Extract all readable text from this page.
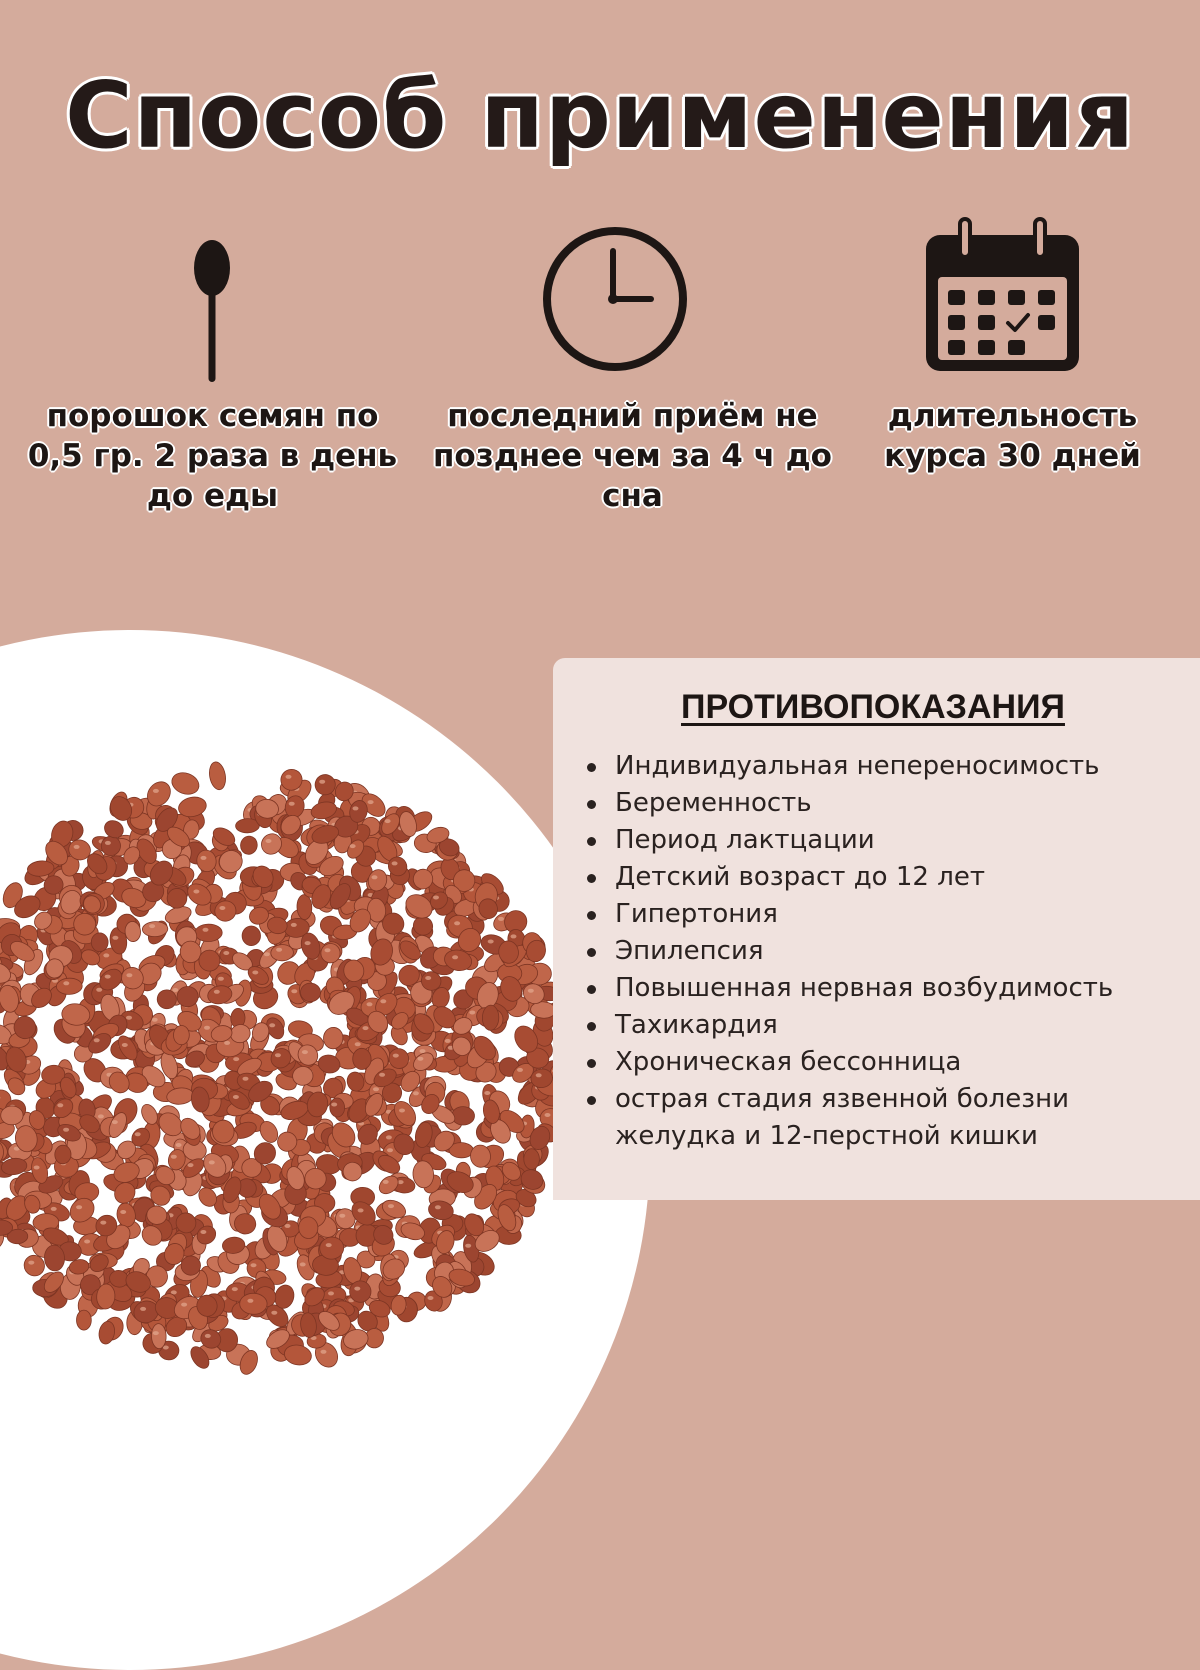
Способ применения

порошок семян по 0,5 гр. 2 раза в день до еды

последний приём не позднее чем за 4 ч до сна

длительность курса 30 дней

ПРОТИВОПОКАЗАНИЯ
Индивидуальная непереносимость
Беременность
Период лактцации
Детский возраст до 12 лет
Гипертония
Эпилепсия
Повышенная нервная возбудимость
Тахикардия
Хроническая бессонница
острая стадия язвенной болезни желудка и 12-перстной кишки
